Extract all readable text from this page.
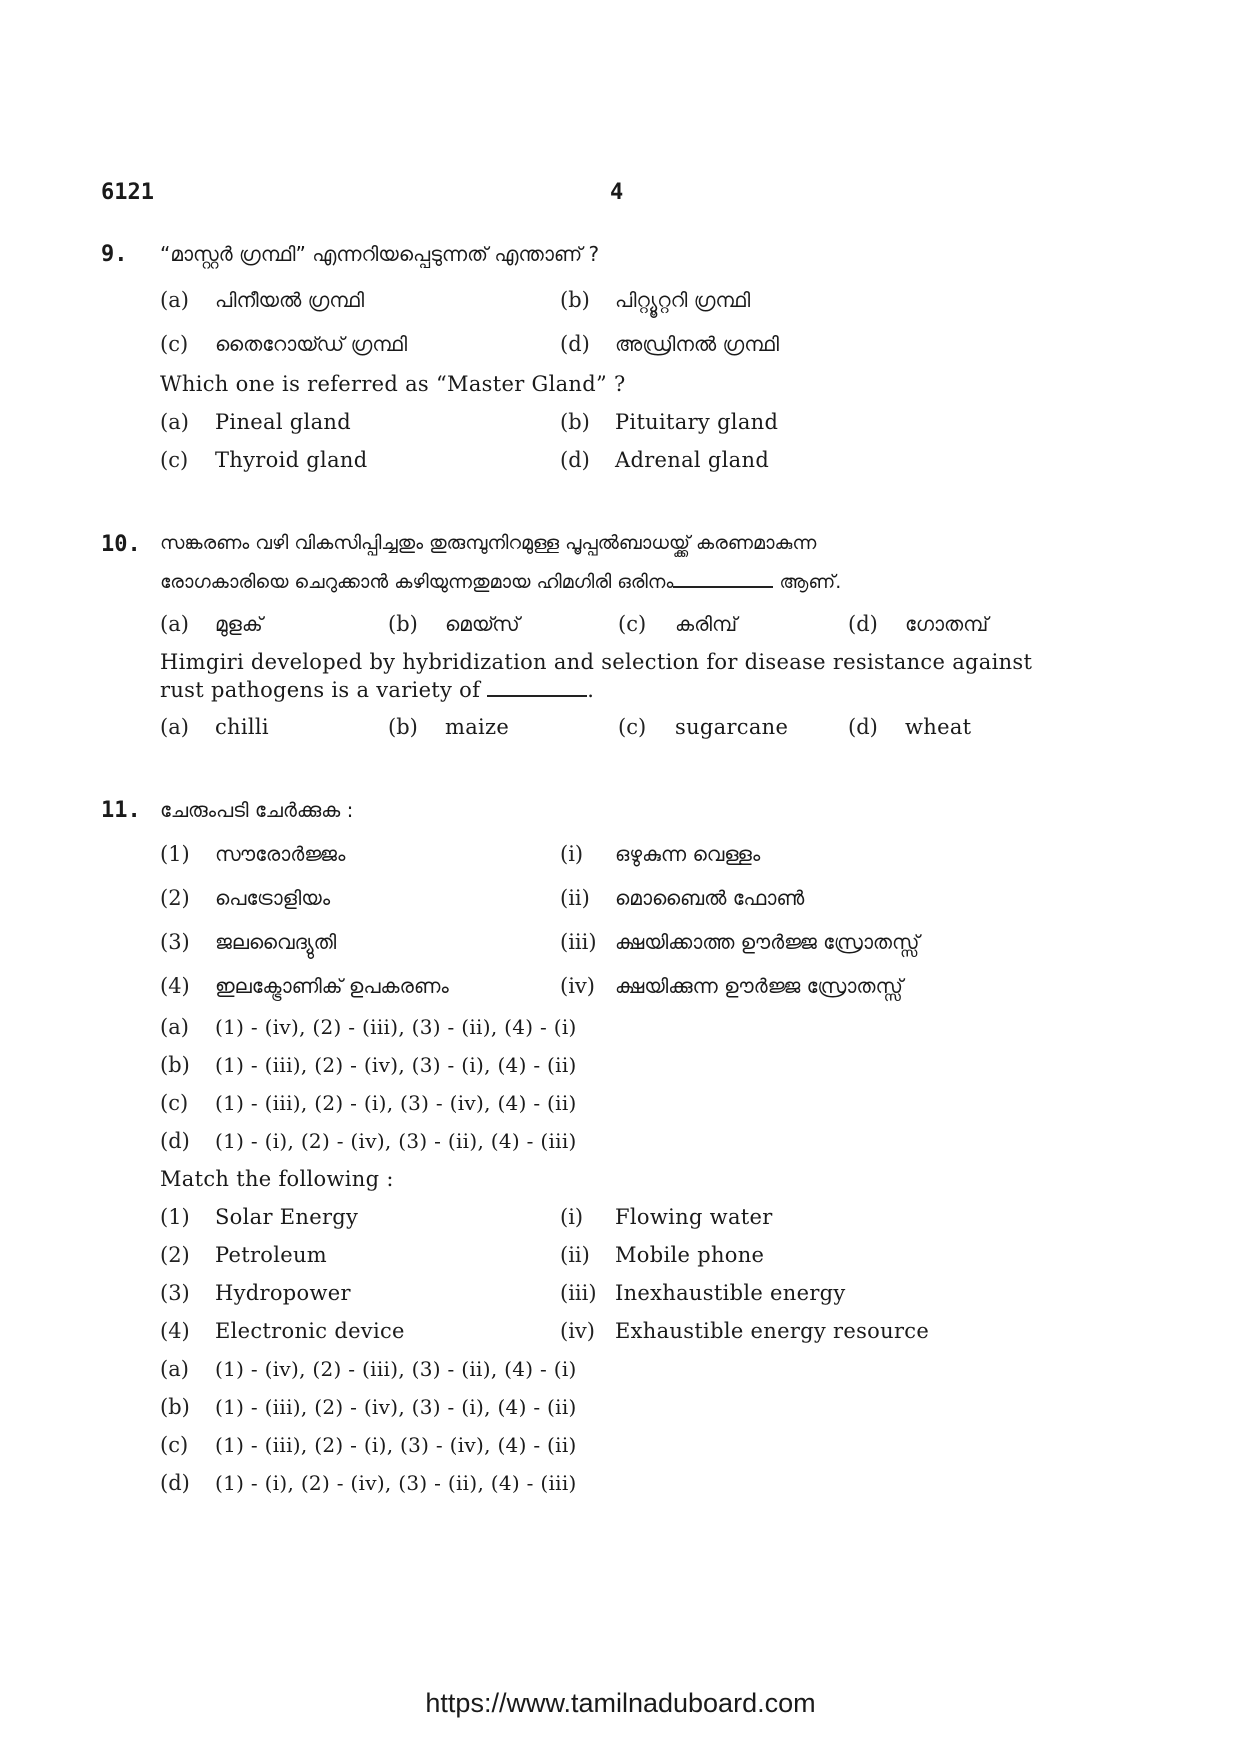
6121	4
9. “മാസ്റ്റർ ഗ്രന്ഥി” എന്നറിയപ്പെടുന്നത് എന്താണ് ?
(a) പിനീയൽ ഗ്രന്ഥി	(b) പിറ്റ്യൂറ്ററി ഗ്രന്ഥി
(c) തൈറോയ്ഡ് ഗ്രന്ഥി	(d) അഡ്രിനൽ ഗ്രന്ഥി
Which one is referred as “Master Gland” ?
(a) Pineal gland	(b) Pituitary gland
(c) Thyroid gland	(d) Adrenal gland
10. സങ്കരണം വഴി വികസിപ്പിച്ചതും തുരുമ്പുനിറമുള്ള പൂപ്പൽബാധയ്ക്ക് കരണമാകുന്ന
രോഗകാരിയെ ചെറുക്കാൻ കഴിയുന്നതുമായ ഹിമഗിരി ഒരിനം	ആണ്.
(a) മുളക്	(b) മെയ്സ്	(c) കരിമ്പ്	(d) ഗോതമ്പ്
Himgiri developed by hybridization and selection for disease resistance against
rust pathogens is a variety of	.
(a) chilli	(b) maize	(c) sugarcane	(d) wheat
11. ചേരുംപടി ചേർക്കുക :
(1) സൗരോർജ്ജം	(i) ഒഴുകുന്ന വെള്ളം
(2) പെട്രോളിയം	(ii) മൊബൈൽ ഫോൺ
(3) ജലവൈദ്യുതി	(iii) ക്ഷയിക്കാത്ത ഊർജ്ജ സ്രോതസ്സ്
(4) ഇലക്ട്രോണിക് ഉപകരണം	(iv) ക്ഷയിക്കുന്ന ഊർജ്ജ സ്രോതസ്സ്
(a) (1) - (iv), (2) - (iii), (3) - (ii), (4) - (i)
(b) (1) - (iii), (2) - (iv), (3) - (i), (4) - (ii)
(c) (1) - (iii), (2) - (i), (3) - (iv), (4) - (ii)
(d) (1) - (i), (2) - (iv), (3) - (ii), (4) - (iii)
Match the following :
(1) Solar Energy	(i) Flowing water
(2) Petroleum	(ii) Mobile phone
(3) Hydropower	(iii) Inexhaustible energy
(4) Electronic device	(iv) Exhaustible energy resource
(a) (1) - (iv), (2) - (iii), (3) - (ii), (4) - (i)
(b) (1) - (iii), (2) - (iv), (3) - (i), (4) - (ii)
(c) (1) - (iii), (2) - (i), (3) - (iv), (4) - (ii)
(d) (1) - (i), (2) - (iv), (3) - (ii), (4) - (iii)
https://www.tamilnaduboard.com
